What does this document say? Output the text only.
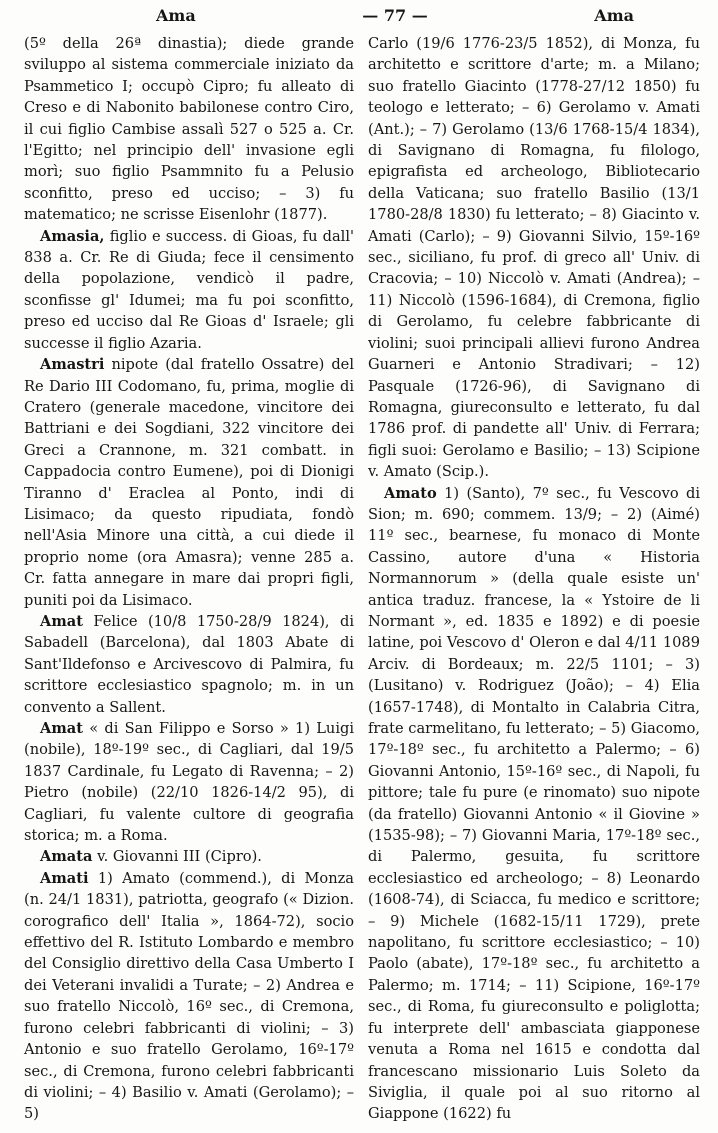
Ama	— 77 —	Ama

(5º della 26ª dinastia); diede grande sviluppo al sistema commerciale iniziato da Psammetico I; occupò Cipro; fu alleato di Creso e di Nabonito babilonese contro Ciro, il cui figlio Cambise assalì 527 o 525 a. Cr. l'Egitto; nel principio dell' invasione egli morì; suo figlio Psammnito fu a Pelusio sconfitto, preso ed ucciso; – 3) fu matematico; ne scrisse Eisenlohr (1877).

Amasia, figlio e success. di Gioas, fu dall' 838 a. Cr. Re di Giuda; fece il censimento della popolazione, vendicò il padre, sconfisse gl' Idumei; ma fu poi sconfitto, preso ed ucciso dal Re Gioas d' Israele; gli successe il figlio Azaria.

Amastri nipote (dal fratello Ossatre) del Re Dario III Codomano, fu, prima, moglie di Cratero (generale macedone, vincitore dei Battriani e dei Sogdiani, 322 vincitore dei Greci a Crannone, m. 321 combatt. in Cappadocia contro Eumene), poi di Dionigi Tiranno d' Eraclea al Ponto, indi di Lisimaco; da questo ripudiata, fondò nell'Asia Minore una città, a cui diede il proprio nome (ora Amasra); venne 285 a. Cr. fatta annegare in mare dai propri figli, puniti poi da Lisimaco.

Amat Felice (10/8 1750-28/9 1824), di Sabadell (Barcelona), dal 1803 Abate di Sant'Ildefonso e Arcivescovo di Palmira, fu scrittore ecclesiastico spagnolo; m. in un convento a Sallent.

Amat « di San Filippo e Sorso » 1) Luigi (nobile), 18º-19º sec., di Cagliari, dal 19/5 1837 Cardinale, fu Legato di Ravenna; – 2) Pietro (nobile) (22/10 1826-14/2 95), di Cagliari, fu valente cultore di geografia storica; m. a Roma.

Amata v. Giovanni III (Cipro).

Amati 1) Amato (commend.), di Monza (n. 24/1 1831), patriotta, geografo (« Dizion. corografico dell' Italia », 1864-72), socio effettivo del R. Istituto Lombardo e membro del Consiglio direttivo della Casa Umberto I dei Veterani invalidi a Turate; – 2) Andrea e suo fratello Niccolò, 16º sec., di Cremona, furono celebri fabbricanti di violini; – 3) Antonio e suo fratello Gerolamo, 16º-17º sec., di Cremona, furono celebri fabbricanti di violini; – 4) Basilio v. Amati (Gerolamo); – 5)

Carlo (19/6 1776-23/5 1852), di Monza, fu architetto e scrittore d'arte; m. a Milano; suo fratello Giacinto (1778-27/12 1850) fu teologo e letterato; – 6) Gerolamo v. Amati (Ant.); – 7) Gerolamo (13/6 1768-15/4 1834), di Savignano di Romagna, fu filologo, epigrafista ed archeologo, Bibliotecario della Vaticana; suo fratello Basilio (13/1 1780-28/8 1830) fu letterato; – 8) Giacinto v. Amati (Carlo); – 9) Giovanni Silvio, 15º-16º sec., siciliano, fu prof. di greco all' Univ. di Cracovia; – 10) Niccolò v. Amati (Andrea); – 11) Niccolò (1596-1684), di Cremona, figlio di Gerolamo, fu celebre fabbricante di violini; suoi principali allievi furono Andrea Guarneri e Antonio Stradivari; – 12) Pasquale (1726-96), di Savignano di Romagna, giureconsulto e letterato, fu dal 1786 prof. di pandette all' Univ. di Ferrara; figli suoi: Gerolamo e Basilio; – 13) Scipione v. Amato (Scip.).

Amato 1) (Santo), 7º sec., fu Vescovo di Sion; m. 690; commem. 13/9; – 2) (Aimé) 11º sec., bearnese, fu monaco di Monte Cassino, autore d'una « Historia Normannorum » (della quale esiste un' antica traduz. francese, la « Ystoire de li Normant », ed. 1835 e 1892) e di poesie latine, poi Vescovo d' Oleron e dal 4/11 1089 Arciv. di Bordeaux; m. 22/5 1101; – 3) (Lusitano) v. Rodriguez (João); – 4) Elia (1657-1748), di Montalto in Calabria Citra, frate carmelitano, fu letterato; – 5) Giacomo, 17º-18º sec., fu architetto a Palermo; – 6) Giovanni Antonio, 15º-16º sec., di Napoli, fu pittore; tale fu pure (e rinomato) suo nipote (da fratello) Giovanni Antonio « il Giovine » (1535-98); – 7) Giovanni Maria, 17º-18º sec., di Palermo, gesuita, fu scrittore ecclesiastico ed archeologo; – 8) Leonardo (1608-74), di Sciacca, fu medico e scrittore; – 9) Michele (1682-15/11 1729), prete napolitano, fu scrittore ecclesiastico; – 10) Paolo (abate), 17º-18º sec., fu architetto a Palermo; m. 1714; – 11) Scipione, 16º-17º sec., di Roma, fu giureconsulto e poliglotta; fu interprete dell' ambasciata giapponese venuta a Roma nel 1615 e condotta dal francescano missionario Luis Soleto da Siviglia, il quale poi al suo ritorno al Giappone (1622) fu
